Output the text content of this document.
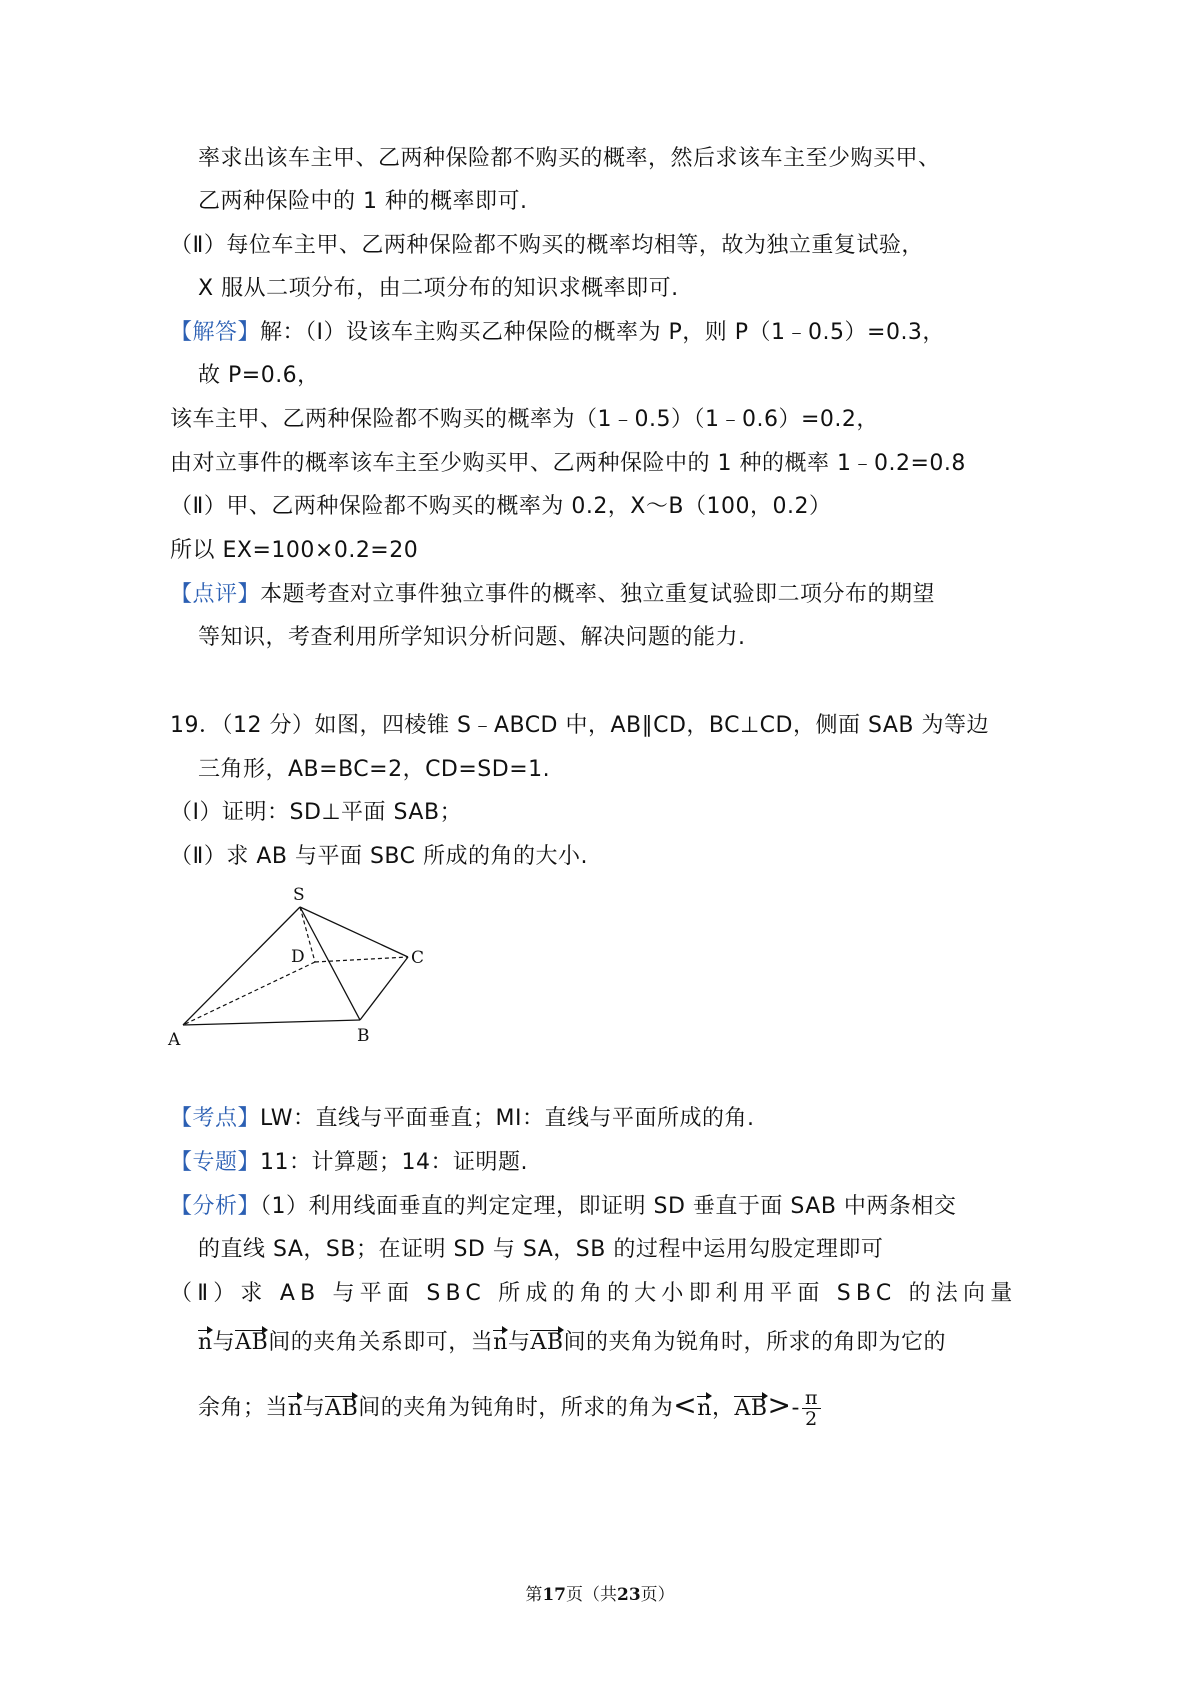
率求出该车主甲、乙两种保险都不购买的概率，然后求该车主至少购买甲、
乙两种保险中的 1 种的概率即可.
（Ⅱ）每位车主甲、乙两种保险都不购买的概率均相等，故为独立重复试验，
X 服从二项分布，由二项分布的知识求概率即可.
【解答】解：（Ⅰ）设该车主购买乙种保险的概率为 P，则 P（1﹣0.5）=0.3，
故 P=0.6，
该车主甲、乙两种保险都不购买的概率为（1﹣0.5）（1﹣0.6）=0.2，
由对立事件的概率该车主至少购买甲、乙两种保险中的 1 种的概率 1﹣0.2=0.8
（Ⅱ）甲、乙两种保险都不购买的概率为 0.2，X～B（100，0.2）
所以 EX=100×0.2=20
【点评】本题考查对立事件独立事件的概率、独立重复试验即二项分布的期望
等知识，考查利用所学知识分析问题、解决问题的能力.
19．（12 分）如图，四棱锥 S﹣ABCD 中，AB∥CD，BC⊥CD，侧面 SAB 为等边
三角形，AB=BC=2，CD=SD=1.
（Ⅰ）证明：SD⊥平面 SAB；
（Ⅱ）求 AB 与平面 SBC 所成的角的大小.
S
D	C
A	B
【考点】LW：直线与平面垂直；MI：直线与平面所成的角.
【专题】11：计算题；14：证明题.
【分析】（1）利用线面垂直的判定定理，即证明 SD 垂直于面 SAB 中两条相交
的直线 SA，SB；在证明 SD 与 SA，SB 的过程中运用勾股定理即可
（Ⅱ）求 AB 与平面 SBC 所成的角的大小即利用平面 SBC 的法向量
n与AB间的夹角关系即可，当n与AB间的夹角为锐角时，所求的角即为它的
余角；当n与AB间的夹角为钝角时，所求的角为<n，$AB>- \frac{\pi}{2}$
第17页（共23页）
